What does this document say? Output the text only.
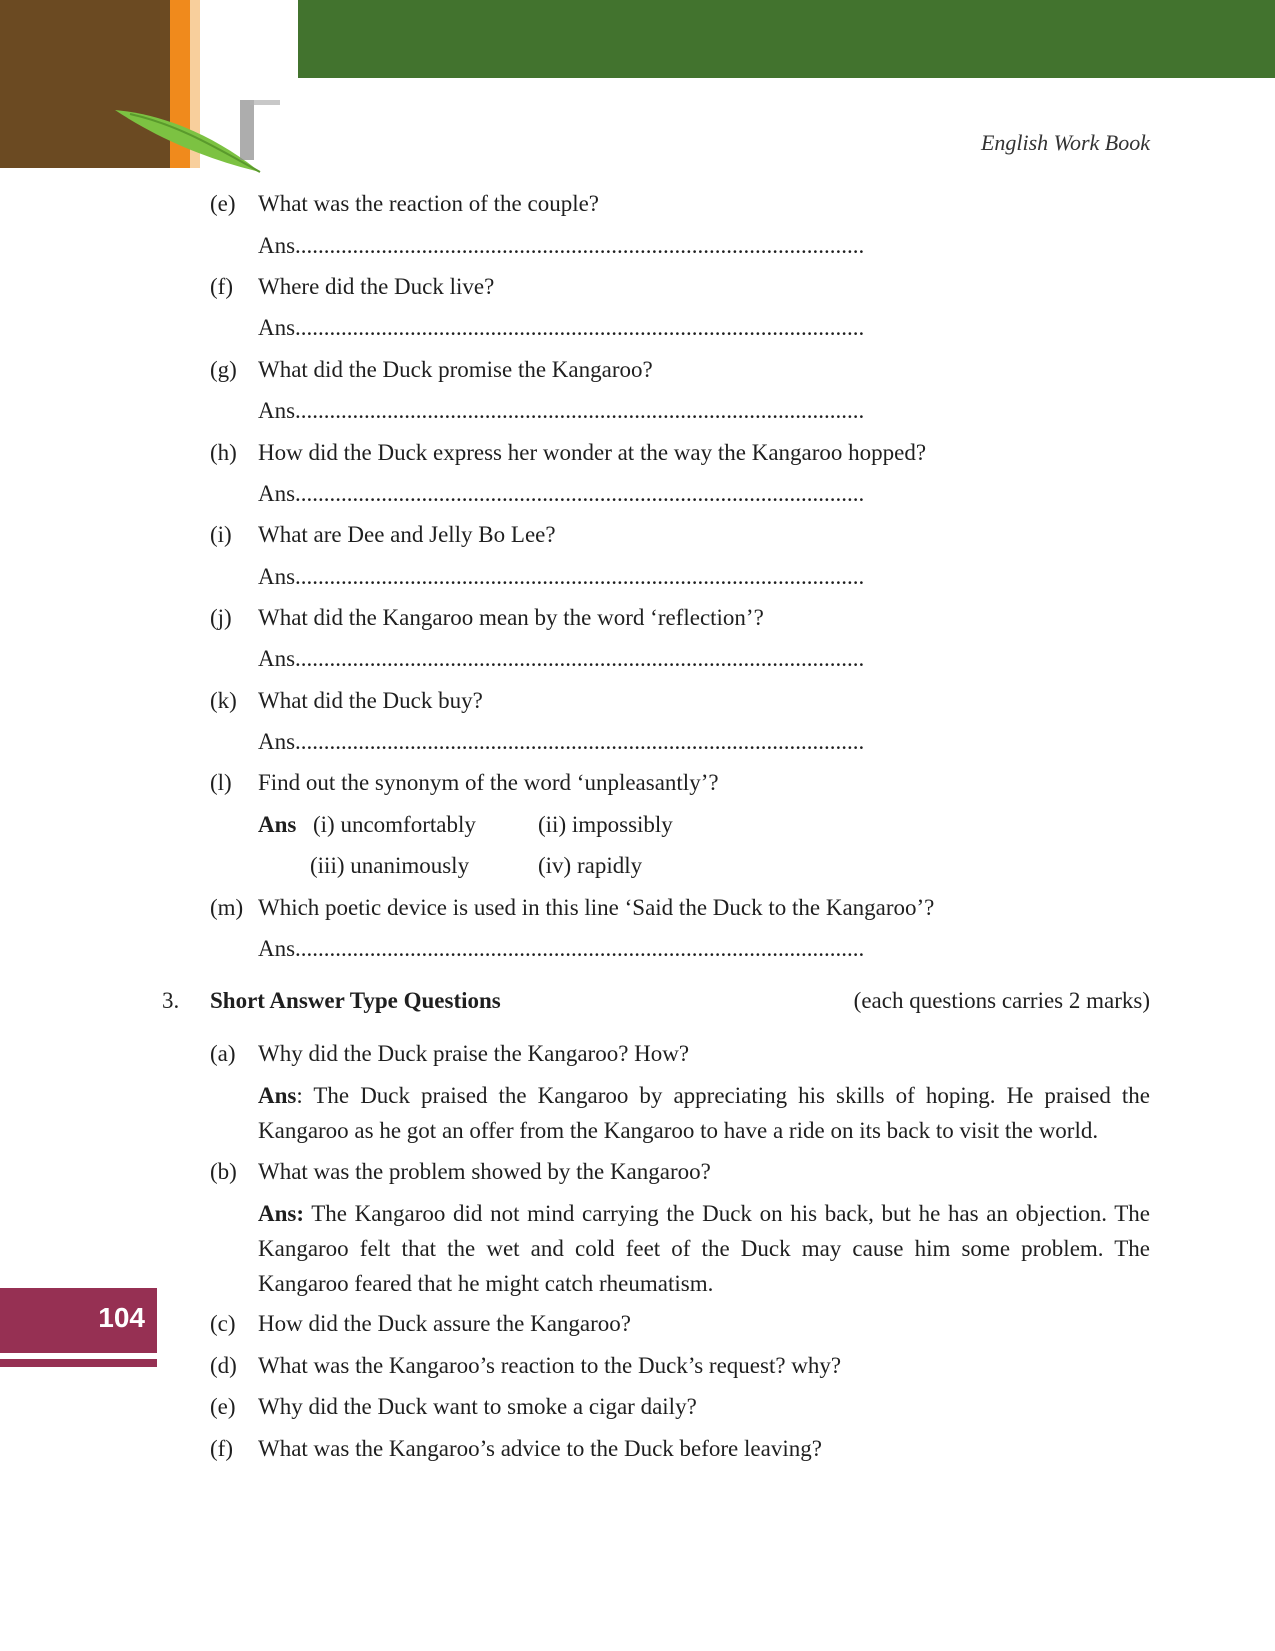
English Work Book
(e) What was the reaction of the couple?
Ans...................................................................................................
(f) Where did the Duck live?
Ans...................................................................................................
(g) What did the Duck promise the Kangaroo?
Ans...................................................................................................
(h) How did the Duck express her wonder at the way the Kangaroo hopped?
Ans...................................................................................................
(i) What are Dee and Jelly Bo Lee?
Ans...................................................................................................
(j) What did the Kangaroo mean by the word ‘reflection’?
Ans...................................................................................................
(k) What did the Duck buy?
Ans...................................................................................................
(l) Find out the synonym of the word ‘unpleasantly’?
Ans (i) uncomfortably	(ii) impossibly
(iii) unanimously	(iv) rapidly
(m) Which poetic device is used in this line ‘Said the Duck to the Kangaroo’?
Ans...................................................................................................
3. Short Answer Type Questions	(each questions carries 2 marks)
(a) Why did the Duck praise the Kangaroo? How?
Ans: The Duck praised the Kangaroo by appreciating his skills of hoping. He praised the Kangaroo as he got an offer from the Kangaroo to have a ride on its back to visit the world.
(b) What was the problem showed by the Kangaroo?
Ans: The Kangaroo did not mind carrying the Duck on his back, but he has an objection. The Kangaroo felt that the wet and cold feet of the Duck may cause him some problem. The Kangaroo feared that he might catch rheumatism.
(c) How did the Duck assure the Kangaroo?
(d) What was the Kangaroo’s reaction to the Duck’s request? why?
(e) Why did the Duck want to smoke a cigar daily?
(f) What was the Kangaroo’s advice to the Duck before leaving?
104
